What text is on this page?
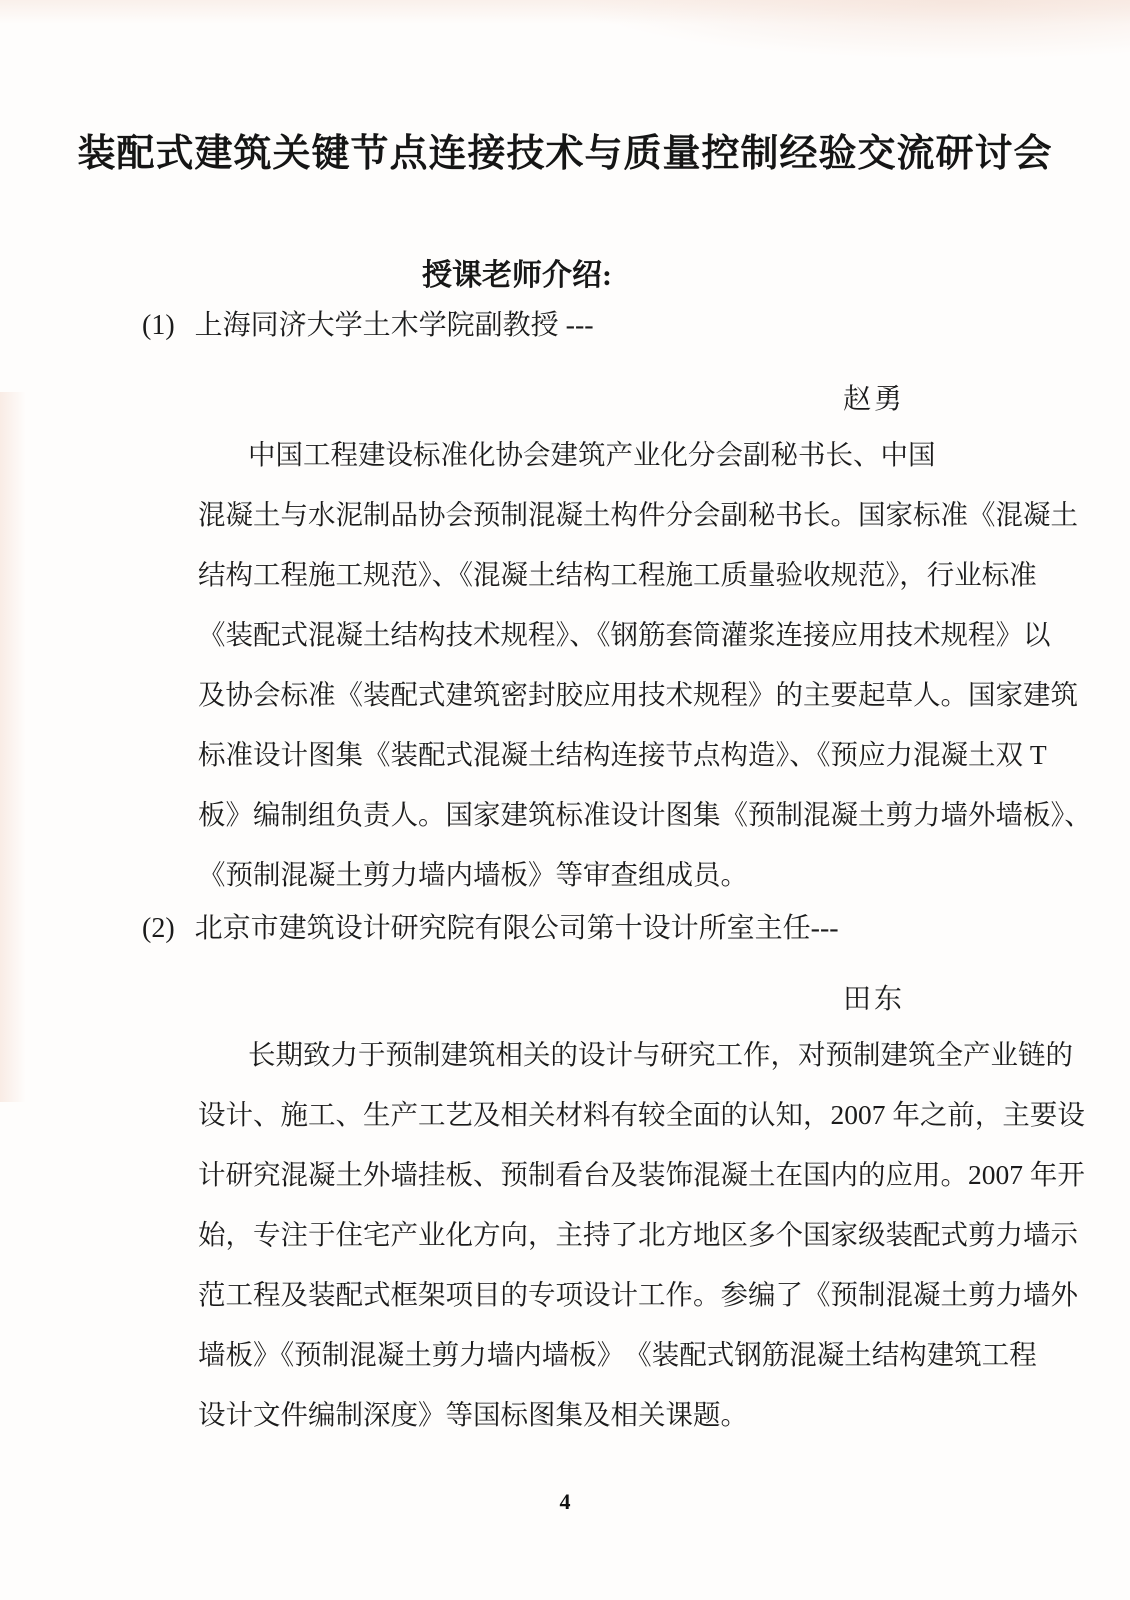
装配式建筑关键节点连接技术与质量控制经验交流研讨会
授课老师介绍:
(1) 上海同济大学土木学院副教授 ---
赵勇
中国工程建设标准化协会建筑产业化分会副秘书长、中国
混凝土与水泥制品协会预制混凝土构件分会副秘书长。国家标准《混凝土
结构工程施工规范》、《混凝土结构工程施工质量验收规范》，行业标准
《装配式混凝土结构技术规程》、《钢筋套筒灌浆连接应用技术规程》以
及协会标准《装配式建筑密封胶应用技术规程》的主要起草人。国家建筑
标准设计图集《装配式混凝土结构连接节点构造》、《预应力混凝土双 T
板》编制组负责人。国家建筑标准设计图集《预制混凝土剪力墙外墙板》、
《预制混凝土剪力墙内墙板》等审查组成员。
(2) 北京市建筑设计研究院有限公司第十设计所室主任---
田东
长期致力于预制建筑相关的设计与研究工作，对预制建筑全产业链的
设计、施工、生产工艺及相关材料有较全面的认知，2007 年之前，主要设
计研究混凝土外墙挂板、预制看台及装饰混凝土在国内的应用。2007 年开
始，专注于住宅产业化方向，主持了北方地区多个国家级装配式剪力墙示
范工程及装配式框架项目的专项设计工作。参编了《预制混凝土剪力墙外
墙板》《预制混凝土剪力墙内墙板》　《装配式钢筋混凝土结构建筑工程
设计文件编制深度》等国标图集及相关课题。
4
